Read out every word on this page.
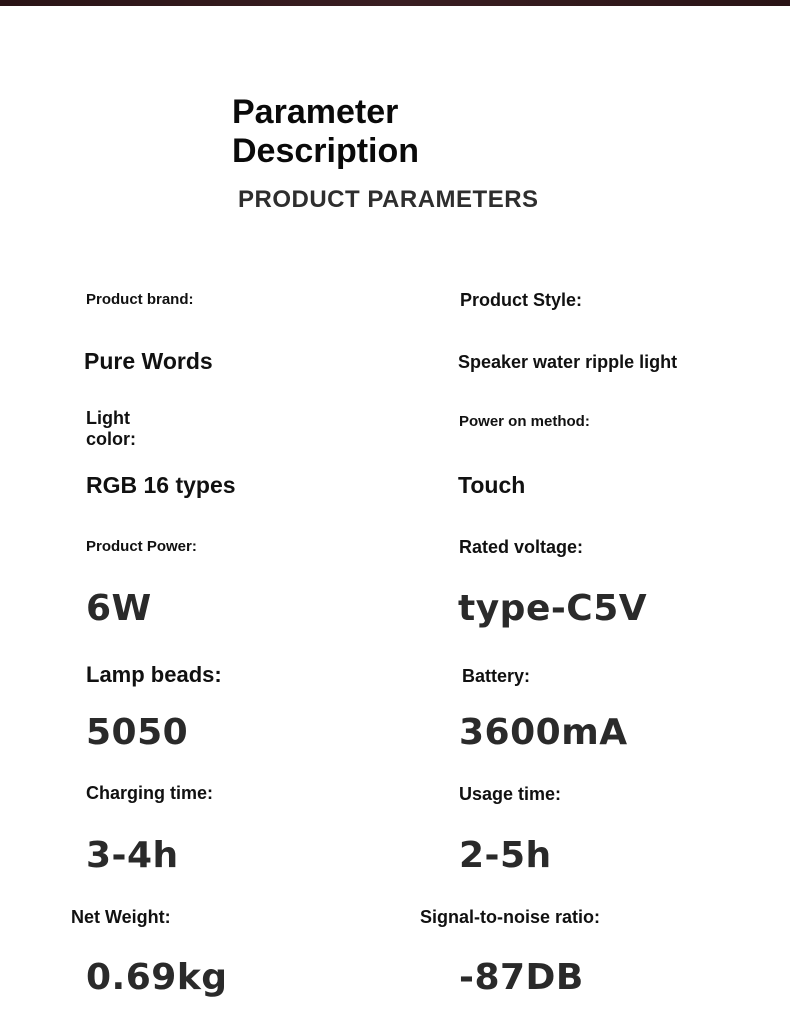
Parameter Description
PRODUCT PARAMETERS

Product brand:

Pure Words

Product Style:

Speaker water ripple light

Light color:

RGB 16 types

Power on method:

Touch

Product Power:

6W

Rated voltage:

type-C5V

Lamp beads:

5050

Battery:

3600mA

Charging time:

3-4h

Usage time:

2-5h

Net Weight:

0.69kg

Signal-to-noise ratio:

-87DB
